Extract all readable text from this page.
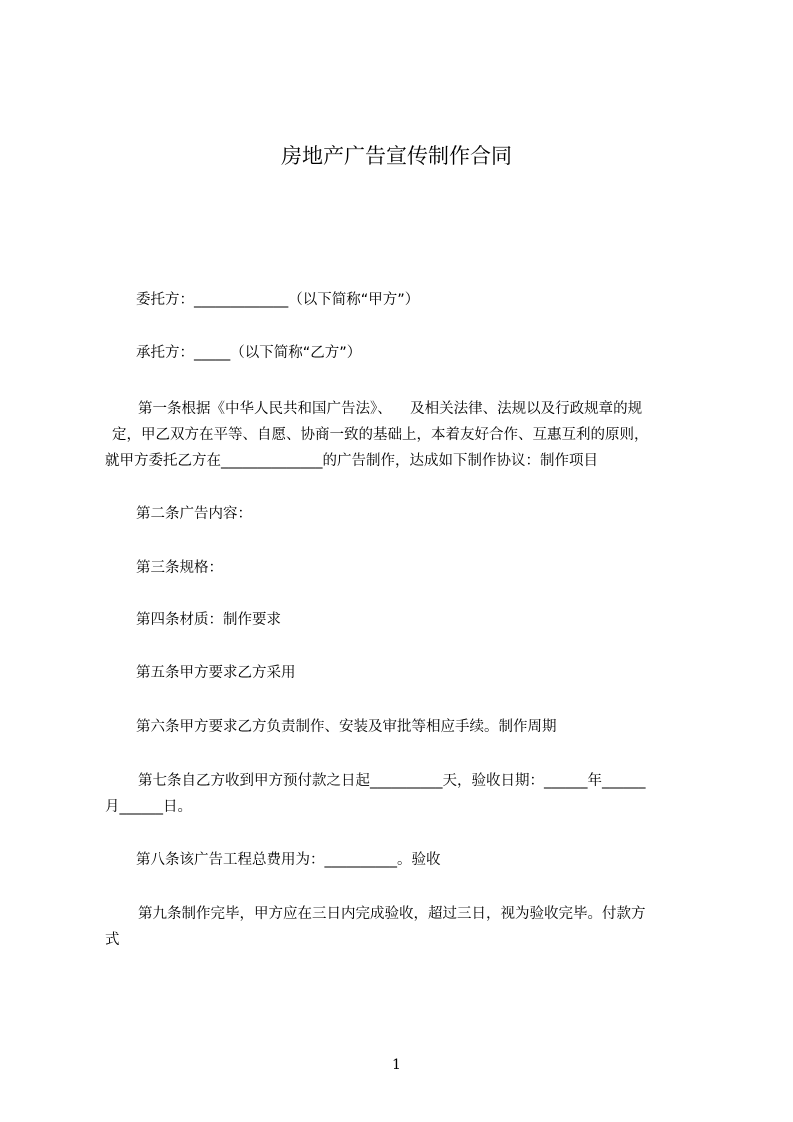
房地产广告宣传制作合同
委托方：_____________（以下简称“甲方”）
承托方：_____（以下简称“乙方”）
第一条根据《中华人民共和国广告法》、    及相关法律、法规以及行政规章的规
定，甲乙双方在平等、自愿、协商一致的基础上，本着友好合作、互惠互利的原则，
就甲方委托乙方在______________的广告制作，达成如下制作协议：制作项目
第二条广告内容：
第三条规格：
第四条材质：制作要求
第五条甲方要求乙方采用
第六条甲方要求乙方负责制作、安装及审批等相应手续。制作周期
第七条自乙方收到甲方预付款之日起__________天，验收日期：______年______
月______日。
第八条该广告工程总费用为：__________。验收
第九条制作完毕，甲方应在三日内完成验收，超过三日，视为验收完毕。付款方
式
1
